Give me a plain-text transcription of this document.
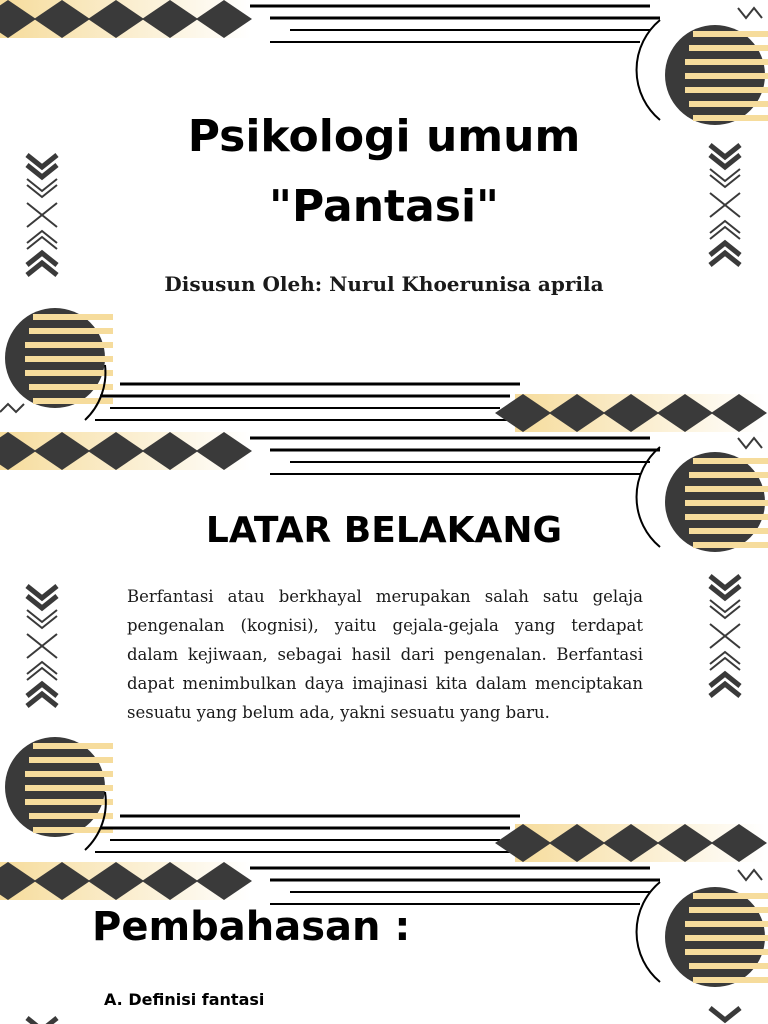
Psikologi umum
"Pantasi"
Disusun Oleh: Nurul Khoerunisa aprila
LATAR BELAKANG
Berfantasi atau berkhayal merupakan salah satu gelaja pengenalan (kognisi), yaitu gejala-gejala yang terdapat dalam kejiwaan, sebagai hasil dari pengenalan. Berfantasi dapat menimbulkan daya imajinasi kita dalam menciptakan sesuatu yang belum ada, yakni sesuatu yang baru.
Pembahasan :
A. Definisi fantasi
